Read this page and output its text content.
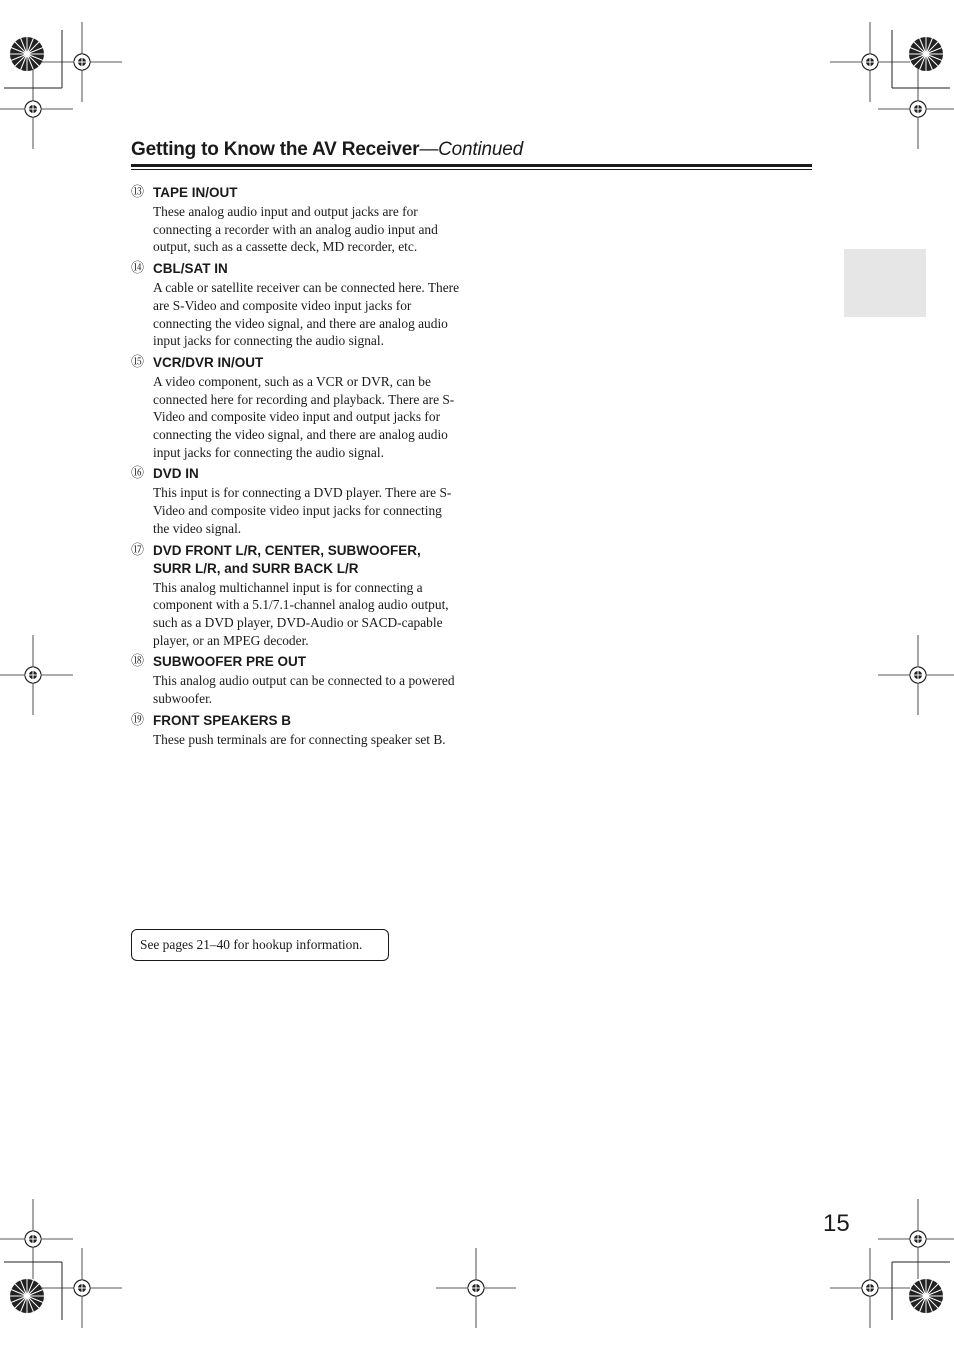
Getting to Know the AV Receiver—Continued
⑬ TAPE IN/OUT
These analog audio input and output jacks are for connecting a recorder with an analog audio input and output, such as a cassette deck, MD recorder, etc.
⑭ CBL/SAT IN
A cable or satellite receiver can be connected here. There are S-Video and composite video input jacks for connecting the video signal, and there are analog audio input jacks for connecting the audio signal.
⑮ VCR/DVR IN/OUT
A video component, such as a VCR or DVR, can be connected here for recording and playback. There are S-Video and composite video input and output jacks for connecting the video signal, and there are analog audio input jacks for connecting the audio signal.
⑯ DVD IN
This input is for connecting a DVD player. There are S-Video and composite video input jacks for connecting the video signal.
⑰ DVD FRONT L/R, CENTER, SUBWOOFER, SURR L/R, and SURR BACK L/R
This analog multichannel input is for connecting a component with a 5.1/7.1-channel analog audio output, such as a DVD player, DVD-Audio or SACD-capable player, or an MPEG decoder.
⑱ SUBWOOFER PRE OUT
This analog audio output can be connected to a powered subwoofer.
⑲ FRONT SPEAKERS B
These push terminals are for connecting speaker set B.
See pages 21–40 for hookup information.
15
